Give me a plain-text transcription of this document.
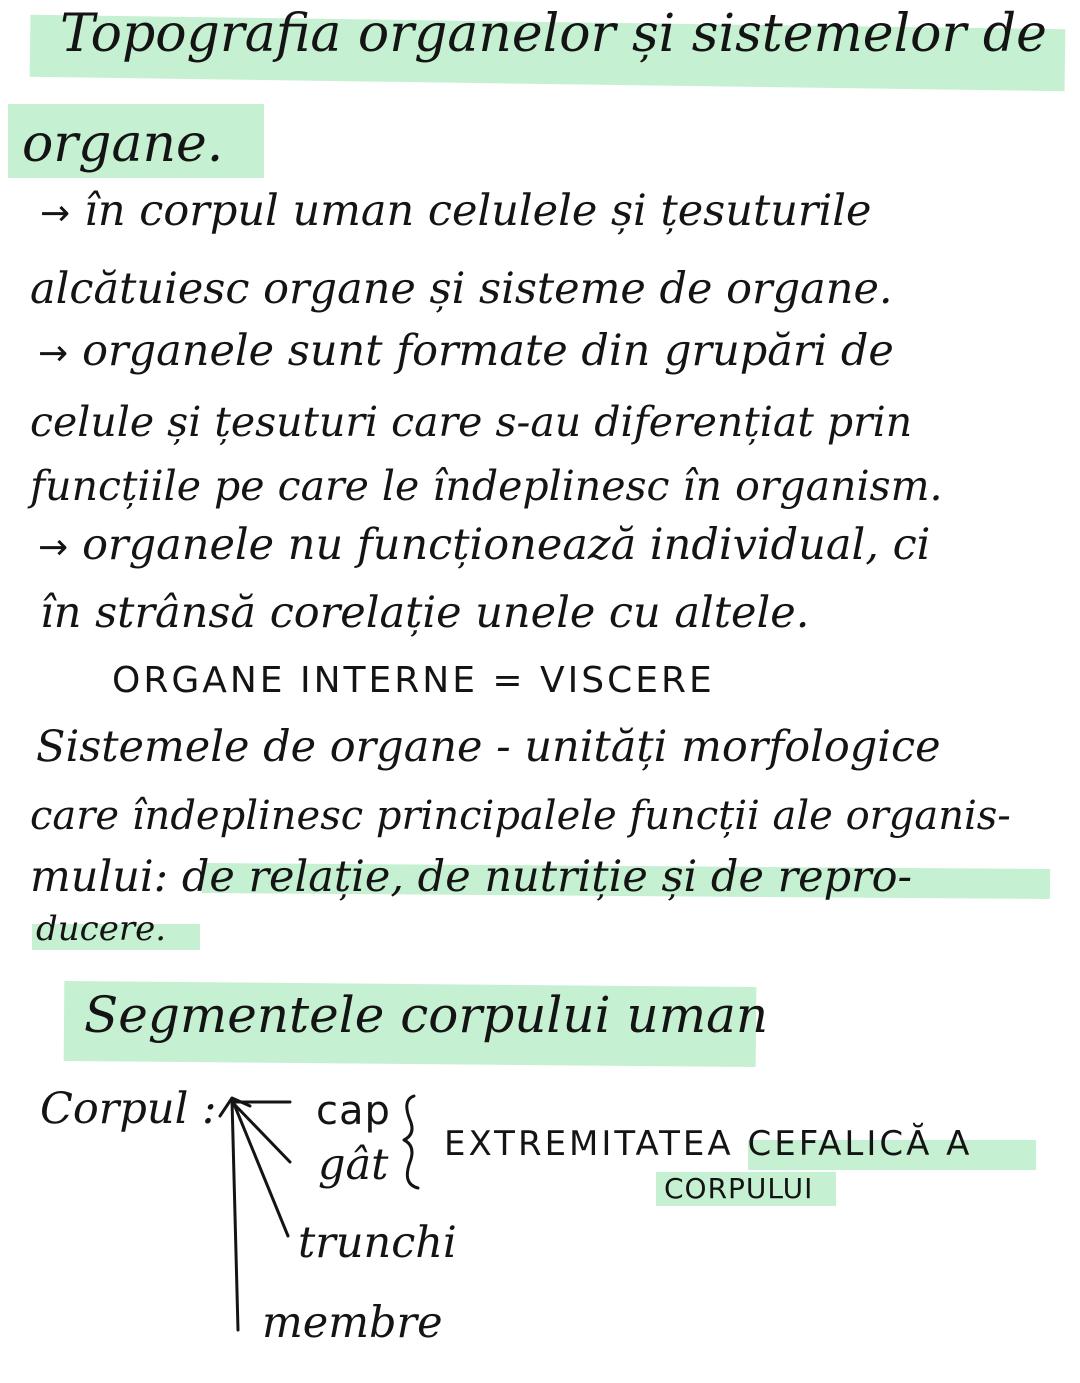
Topografia organelor și sistemelor de
organe.
→ în corpul uman celulele și țesuturile
alcătuiesc organe și sisteme de organe.
→ organele sunt formate din grupări de
celule și țesuturi care s-au diferențiat prin
funcțiile pe care le îndeplinesc în organism.
→ organele nu funcționează individual, ci
în strânsă corelație unele cu altele.
ORGANE INTERNE = VISCERE
Sistemele de organe - unități morfologice
care îndeplinesc principalele funcții ale organis-
mului: de relație, de nutriție și de repro-
ducere.
Segmentele corpului uman
Corpul : cap
gât EXTREMITATEA CEFALICĂ A
CORPULUI
trunchi
membre
